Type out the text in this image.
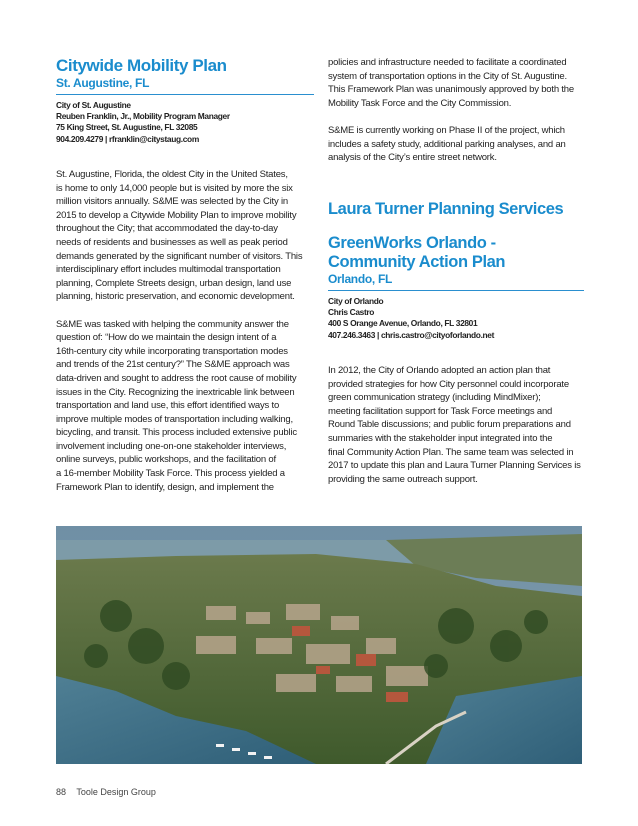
Citywide Mobility Plan
St. Augustine, FL
City of St. Augustine
Reuben Franklin, Jr., Mobility Program Manager
75 King Street, St. Augustine, FL 32085
904.209.4279 | rfranklin@citystaug.com
St. Augustine, Florida, the oldest City in the United States,
is home to only 14,000 people but is visited by more the six
million visitors annually. S&ME was selected by the City in
2015 to develop a Citywide Mobility Plan to improve mobility
throughout the City; that accommodated the day-to-day
needs of residents and businesses as well as peak period
demands generated by the significant number of visitors. This
interdisciplinary effort includes multimodal transportation
planning, Complete Streets design, urban design, land use
planning, historic preservation, and economic development.
S&ME was tasked with helping the community answer the
question of: “How do we maintain the design intent of a
16th-century city while incorporating transportation modes
and trends of the 21st century?” The S&ME approach was
data-driven and sought to address the root cause of mobility
issues in the City. Recognizing the inextricable link between
transportation and land use, this effort identified ways to
improve multiple modes of transportation including walking,
bicycling, and transit. This process included extensive public
involvement including one-on-one stakeholder interviews,
online surveys, public workshops, and the facilitation of
a 16-member Mobility Task Force. This process yielded a
Framework Plan to identify, design, and implement the
policies and infrastructure needed to facilitate a coordinated
system of transportation options in the City of St. Augustine.
This Framework Plan was unanimously approved by both the
Mobility Task Force and the City Commission.
S&ME is currently working on Phase II of the project, which
includes a safety study, additional parking analyses, and an
analysis of the City’s entire street network.
Laura Turner Planning Services
GreenWorks Orlando -
Community Action Plan
Orlando, FL
City of Orlando
Chris Castro
400 S Orange Avenue, Orlando, FL 32801
407.246.3463 | chris.castro@cityoforlando.net
In 2012, the City of Orlando adopted an action plan that
provided strategies for how City personnel could incorporate
green communication strategy (including MindMixer);
meeting facilitation support for Task Force meetings and
Round Table discussions; and public forum preparations and
summaries with the stakeholder input integrated into the
final Community Action Plan. The same team was selected in
2017 to update this plan and Laura Turner Planning Services is
providing the same outreach support.
88 Toole Design Group
